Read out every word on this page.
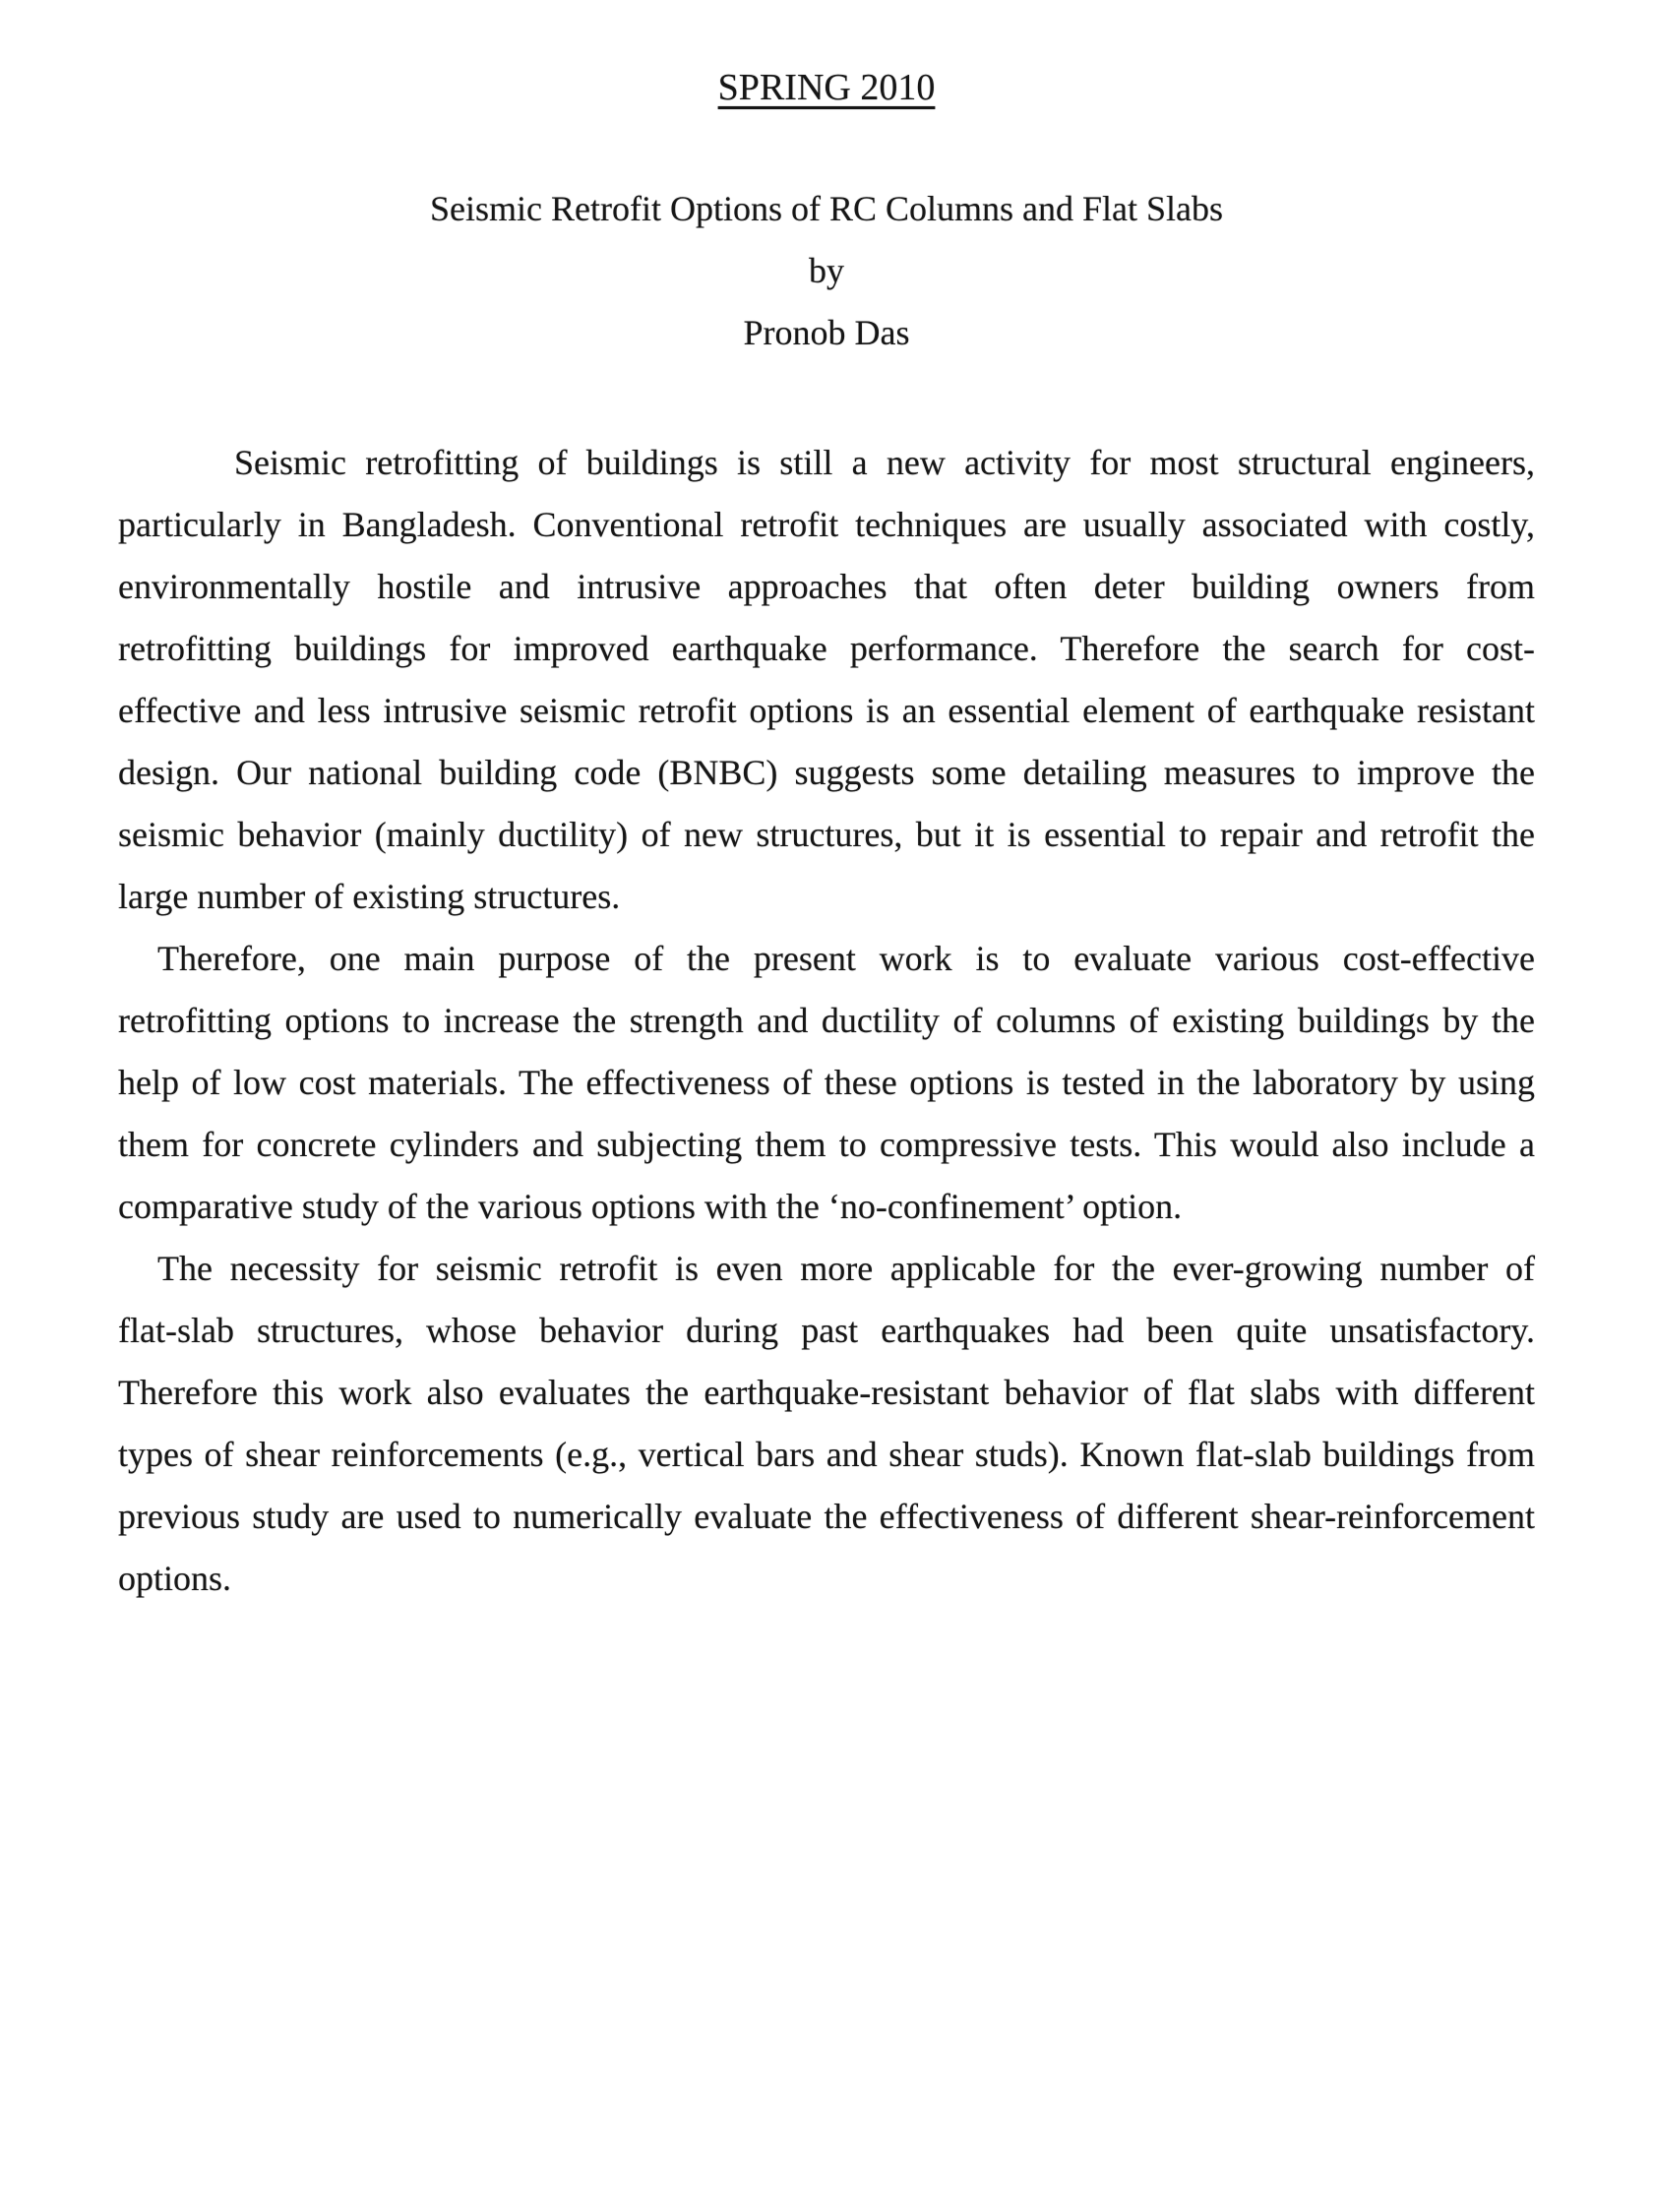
SPRING 2010
Seismic Retrofit Options of RC Columns and Flat Slabs
by
Pronob Das
Seismic retrofitting of buildings is still a new activity for most structural engineers,
particularly in Bangladesh. Conventional retrofit techniques are usually associated with costly,
environmentally hostile and intrusive approaches that often deter building owners from
retrofitting buildings for improved earthquake performance. Therefore the search for cost-
effective and less intrusive seismic retrofit options is an essential element of earthquake resistant
design. Our national building code (BNBC) suggests some detailing measures to improve the
seismic behavior (mainly ductility) of new structures, but it is essential to repair and retrofit the
large number of existing structures.
Therefore, one main purpose of the present work is to evaluate various cost-effective
retrofitting options to increase the strength and ductility of columns of existing buildings by the
help of low cost materials. The effectiveness of these options is tested in the laboratory by using
them for concrete cylinders and subjecting them to compressive tests. This would also include a
comparative study of the various options with the ‘no-confinement’ option.
The necessity for seismic retrofit is even more applicable for the ever-growing number of
flat-slab structures, whose behavior during past earthquakes had been quite unsatisfactory.
Therefore this work also evaluates the earthquake-resistant behavior of flat slabs with different
types of shear reinforcements (e.g., vertical bars and shear studs). Known flat-slab buildings from
previous study are used to numerically evaluate the effectiveness of different shear-reinforcement
options.
